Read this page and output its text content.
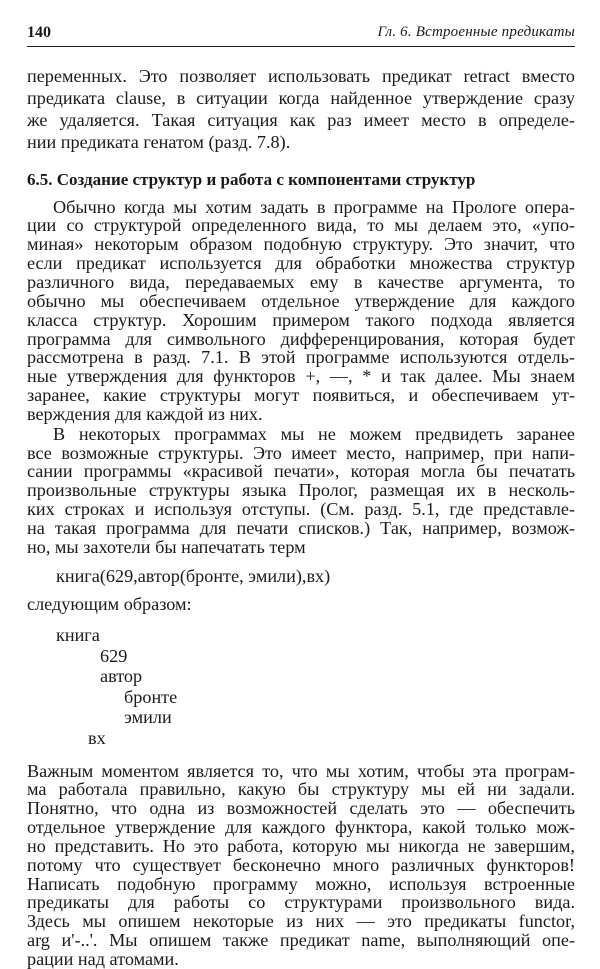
140	Гл. 6. Встроенные предикаты
переменных. Это позволяет использовать предикат retract вместо
предиката clause, в ситуации когда найденное утверждение сразу
же удаляется. Такая ситуация как раз имеет место в определе-
нии предиката генатом (разд. 7.8).
6.5. Создание структур и работа с компонентами структур
Обычно когда мы хотим задать в программе на Прологе опера-
ции со структурой определенного вида, то мы делаем это, «упо-
миная» некоторым образом подобную структуру. Это значит, что
если предикат используется для обработки множества структур
различного вида, передаваемых ему в качестве аргумента, то
обычно мы обеспечиваем отдельное утверждение для каждого
класса структур. Хорошим примером такого подхода является
программа для символьного дифференцирования, которая будет
рассмотрена в разд. 7.1. В этой программе используются отдель-
ные утверждения для функторов +, —, * и так далее. Мы знаем
заранее, какие структуры могут появиться, и обеспечиваем ут-
верждения для каждой из них.
В некоторых программах мы не можем предвидеть заранее
все возможные структуры. Это имеет место, например, при напи-
сании программы «красивой печати», которая могла бы печатать
произвольные структуры языка Пролог, размещая их в несколь-
ких строках и используя отступы. (См. разд. 5.1, где представле-
на такая программа для печати списков.) Так, например, возмож-
но, мы захотели бы напечатать терм
книга(629,автор(бронте, эмили),вх)
следующим образом:
книга
629
автор
бронте
эмили
вх
Важным моментом является то, что мы хотим, чтобы эта програм-
ма работала правильно, какую бы структуру мы ей ни задали.
Понятно, что одна из возможностей сделать это — обеспечить
отдельное утверждение для каждого функтора, какой только мож-
но представить. Но это работа, которую мы никогда не завершим,
потому что существует бесконечно много различных функторов!
Написать подобную программу можно, используя встроенные
предикаты для работы со структурами произвольного вида.
Здесь мы опишем некоторые из них — это предикаты functor,
arg и'-..'. Мы опишем также предикат name, выполняющий опе-
рации над атомами.
